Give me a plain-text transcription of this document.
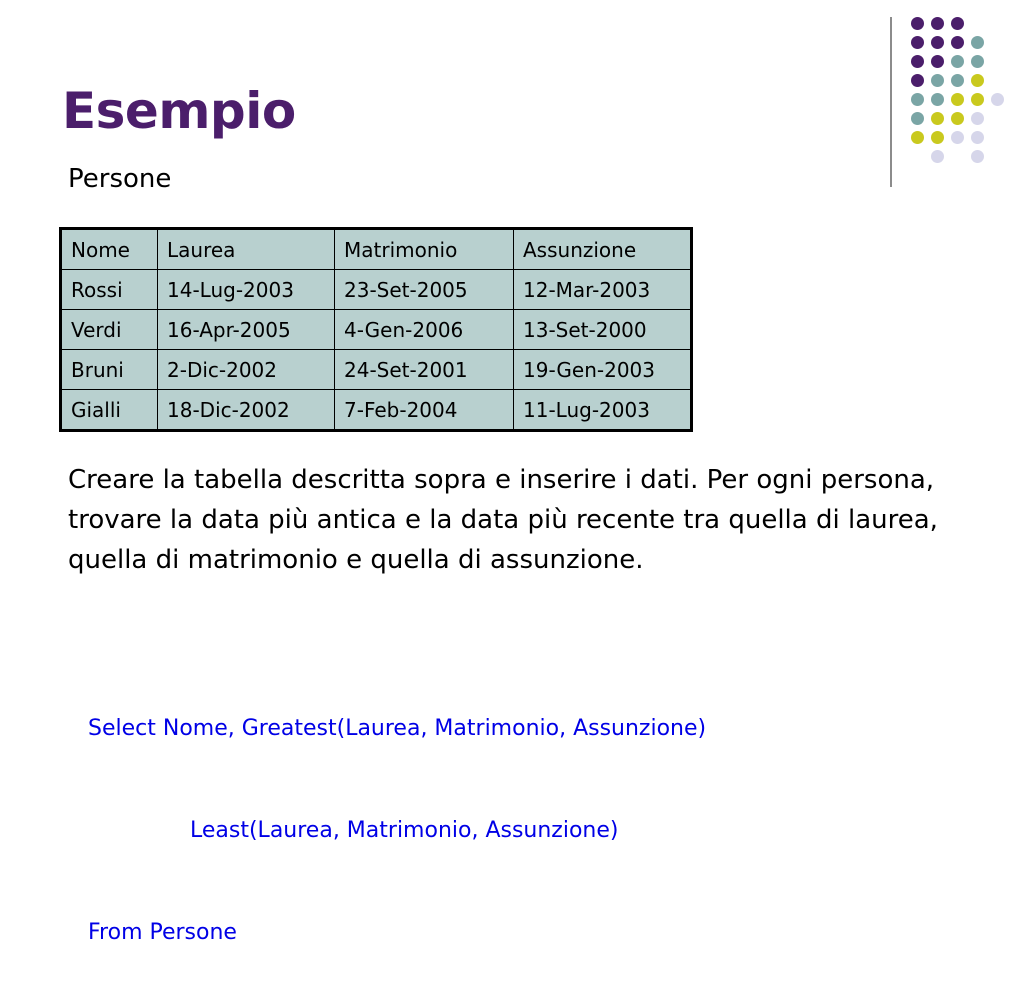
Esempio
Persone
Nome	Laurea	Matrimonio	Assunzione
Rossi	14-Lug-2003	23-Set-2005	12-Mar-2003
Verdi	16-Apr-2005	4-Gen-2006	13-Set-2000
Bruni	2-Dic-2002	24-Set-2001	19-Gen-2003
Gialli	18-Dic-2002	7-Feb-2004	11-Lug-2003
Creare la tabella descritta sopra e inserire i dati. Per ogni persona, trovare la data più antica e la data più recente tra quella di laurea, quella di matrimonio e quella di assunzione.

Select Nome, Greatest(Laurea, Matrimonio, Assunzione)

Least(Laurea, Matrimonio, Assunzione)

From Persone
